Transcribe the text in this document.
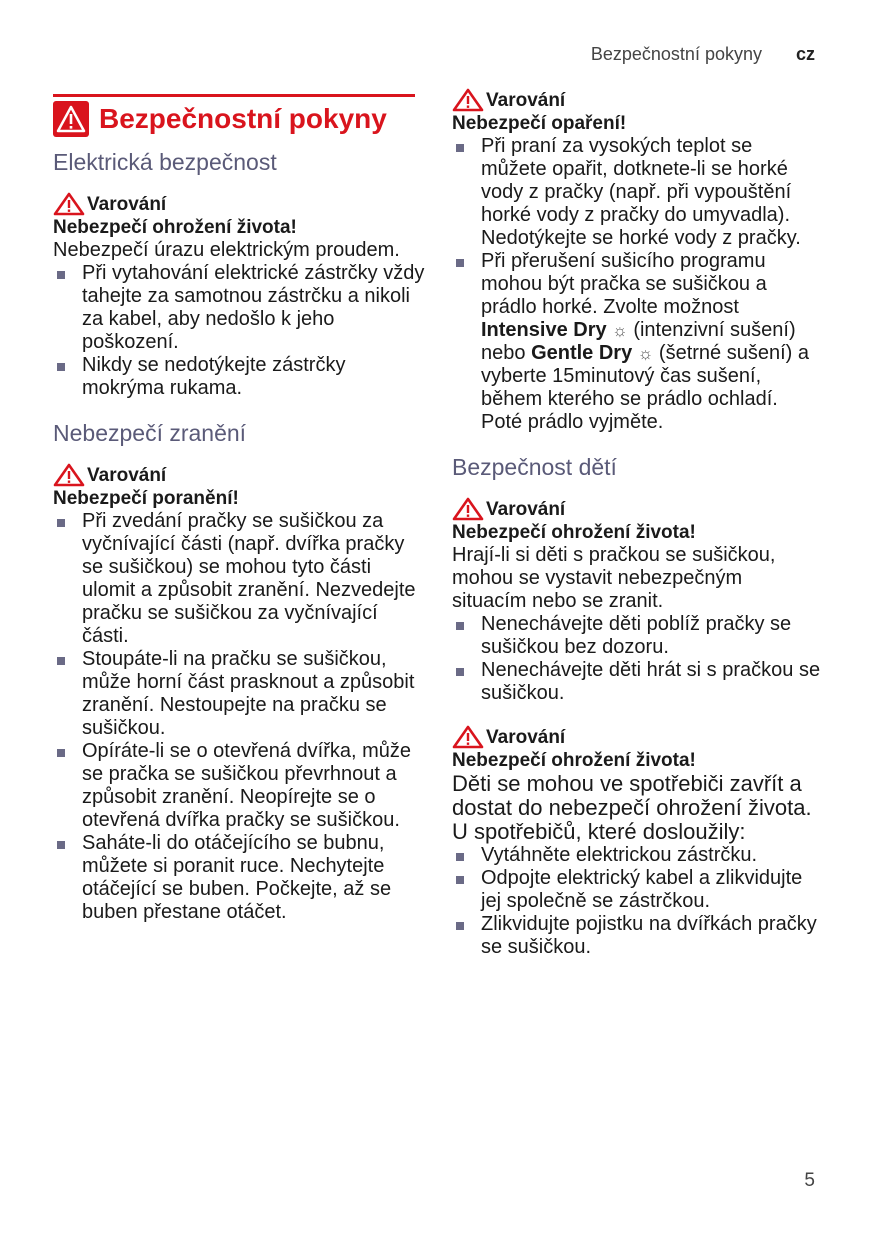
Bezpečnostní pokyny cz
Bezpečnostní pokyny
Elektrická bezpečnost
Varování
Nebezpečí ohrožení života!

Nebezpečí úrazu elektrickým proudem.

Při vytahování elektrické zástrčky vždy tahejte za samotnou zástrčku a nikoli za kabel, aby nedošlo k jeho poškození.
Nikdy se nedotýkejte zástrčky mokrýma rukama.
Nebezpečí zranění
Varování
Nebezpečí poranění!
Při zvedání pračky se sušičkou za vyčnívající části (např. dvířka pračky se sušičkou) se mohou tyto části ulomit a způsobit zranění. Nezvedejte pračku se sušičkou za vyčnívající části.
Stoupáte-li na pračku se sušičkou, může horní část prasknout a způsobit zranění. Nestoupejte na pračku se sušičkou.
Opíráte-li se o otevřená dvířka, může se pračka se sušičkou převrhnout a způsobit zranění. Neopírejte se o otevřená dvířka pračky se sušičkou.
Saháte-li do otáčejícího se bubnu, můžete si poranit ruce. Nechytejte otáčející se buben. Počkejte, až se buben přestane otáčet.
Varování
Nebezpečí opaření!
Při praní za vysokých teplot se můžete opařit, dotknete-li se horké vody z pračky (např. při vypouštění horké vody z pračky do umyvadla).
Nedotýkejte se horké vody z pračky.
Při přerušení sušicího programu mohou být pračka se sušičkou a prádlo horké. Zvolte možnost Intensive Dry ☼ (intenzivní sušení) nebo Gentle Dry ☼ (šetrné sušení) a vyberte 15minutový čas sušení, během kterého se prádlo ochladí. Poté prádlo vyjměte.
Bezpečnost dětí
Varování
Nebezpečí ohrožení života!

Hrají-li si děti s pračkou se sušičkou, mohou se vystavit nebezpečným situacím nebo se zranit.

Nenechávejte děti poblíž pračky se sušičkou bez dozoru.
Nenechávejte děti hrát si s pračkou se sušičkou.
Varování
Nebezpečí ohrožení života!

Děti se mohou ve spotřebiči zavřít a dostat do nebezpečí ohrožení života.

U spotřebičů, které dosloužily:

Vytáhněte elektrickou zástrčku.
Odpojte elektrický kabel a zlikvidujte jej společně se zástrčkou.
Zlikvidujte pojistku na dvířkách pračky se sušičkou.
5
